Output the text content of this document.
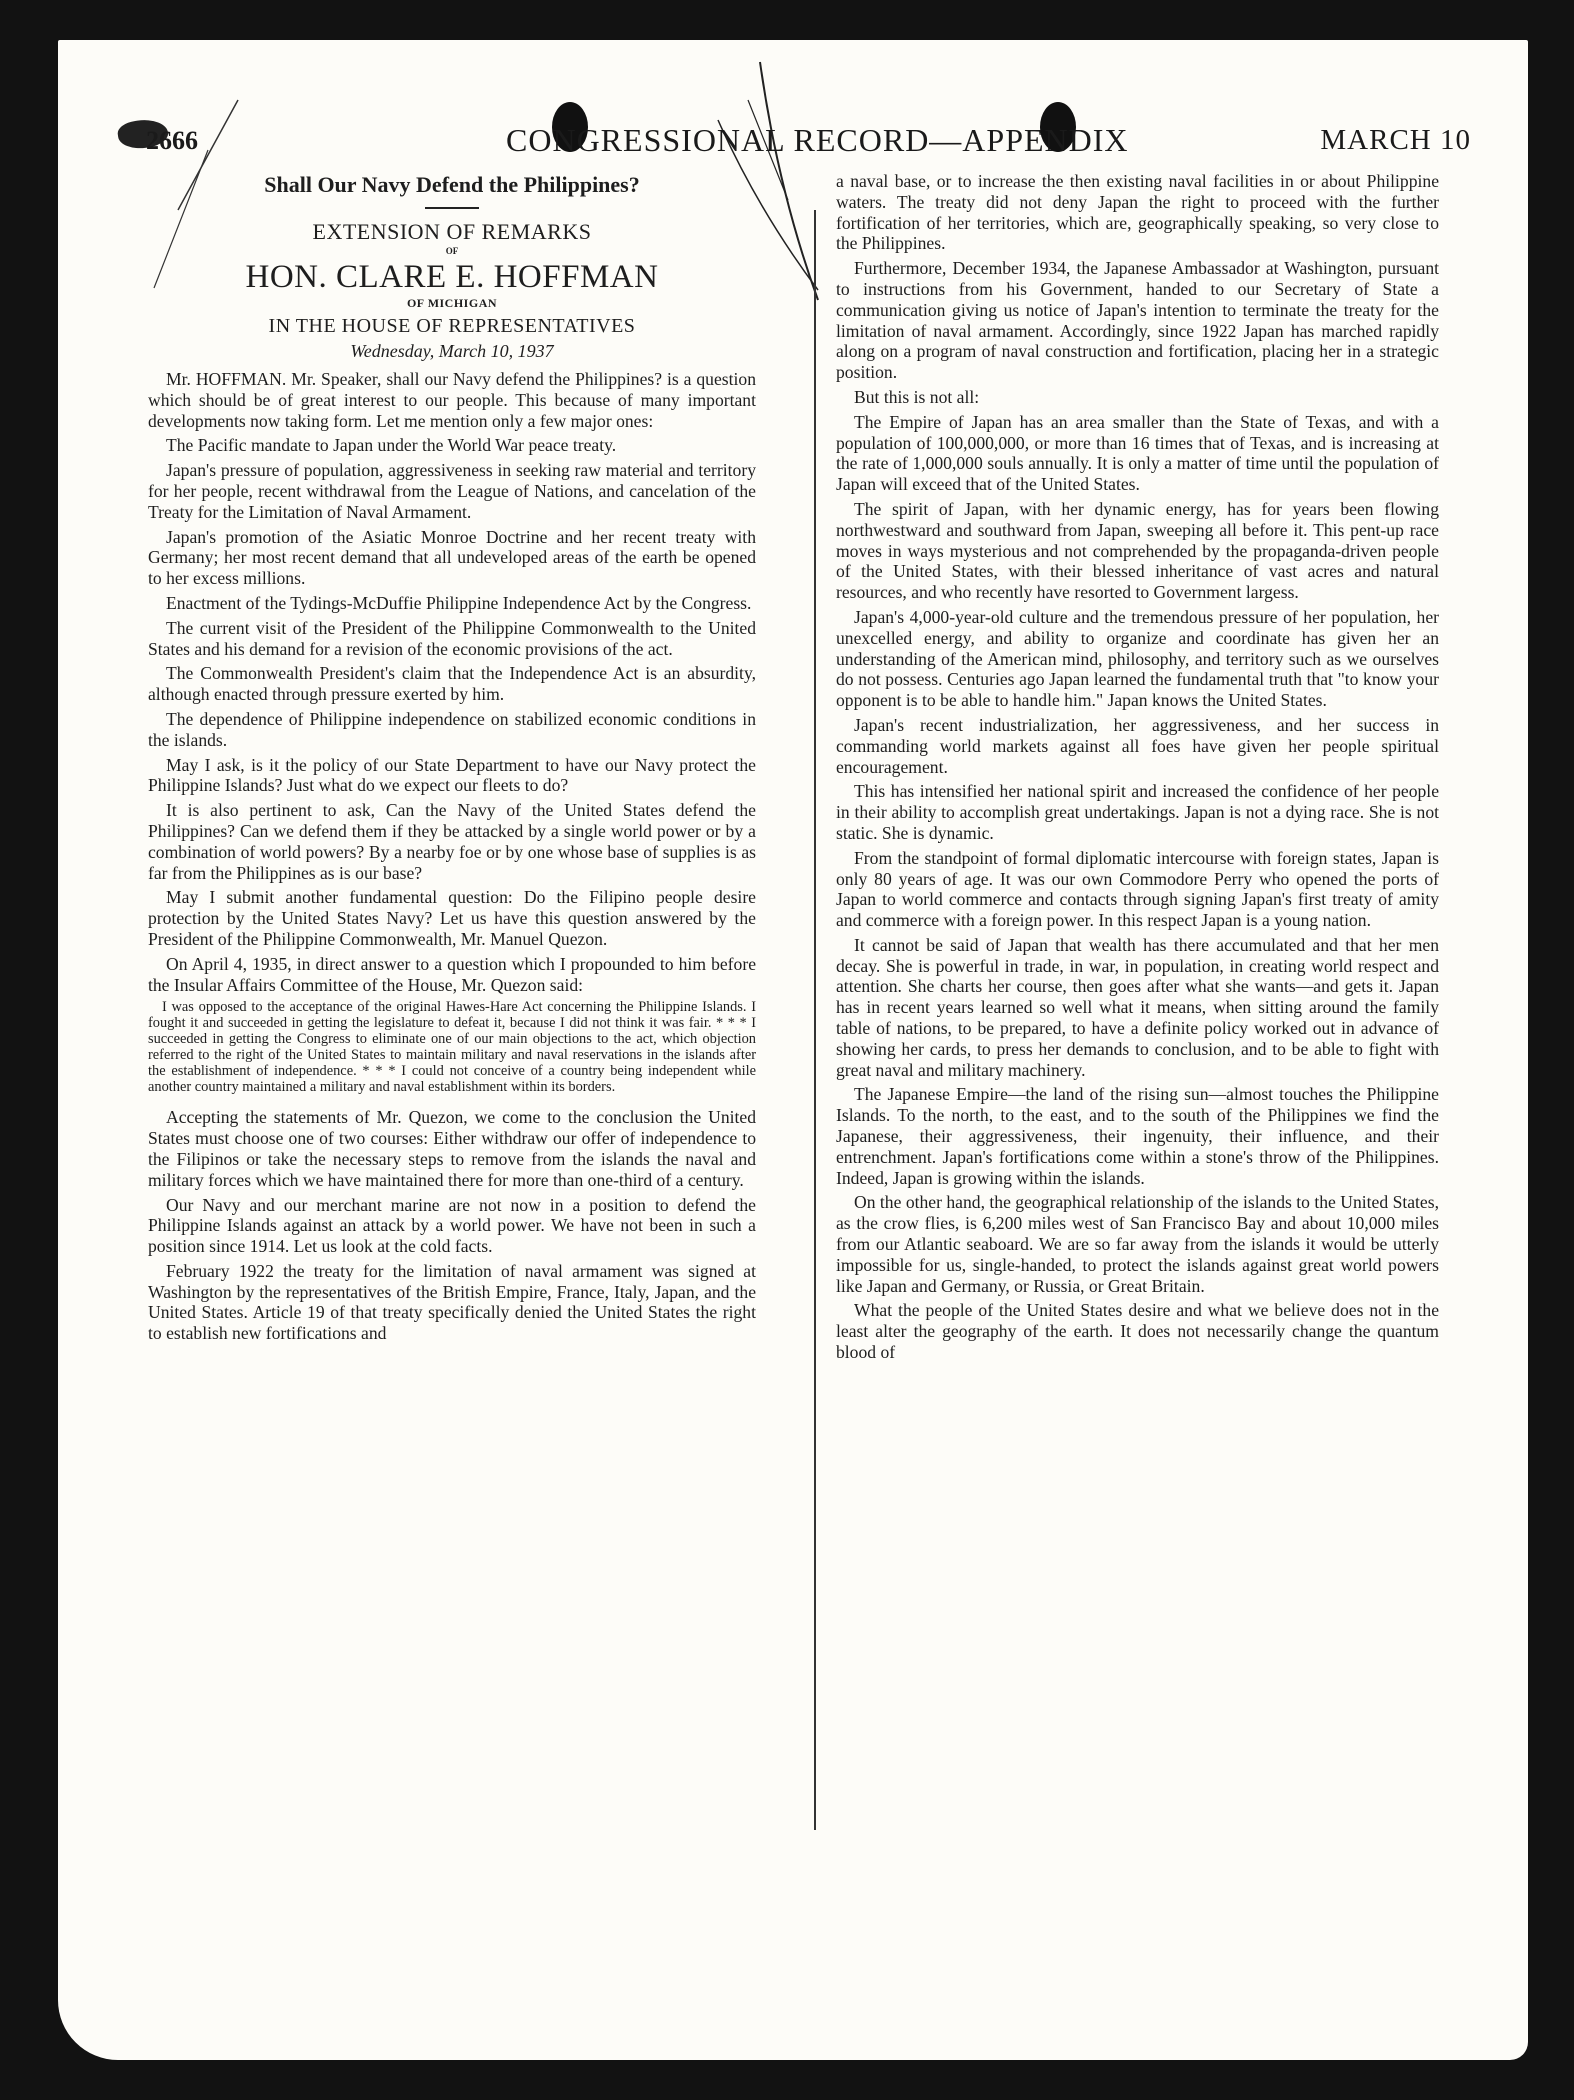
2666	CONGRESSIONAL RECORD—APPENDIX	MARCH 10
Shall Our Navy Defend the Philippines?
EXTENSION OF REMARKS
OF
HON. CLARE E. HOFFMAN
OF MICHIGAN
IN THE HOUSE OF REPRESENTATIVES
Wednesday, March 10, 1937

Mr. HOFFMAN. Mr. Speaker, shall our Navy defend the Philippines? is a question which should be of great interest to our people. This because of many important developments now taking form. Let me mention only a few major ones:

The Pacific mandate to Japan under the World War peace treaty.

Japan's pressure of population, aggressiveness in seeking raw material and territory for her people, recent withdrawal from the League of Nations, and cancelation of the Treaty for the Limitation of Naval Armament.

Japan's promotion of the Asiatic Monroe Doctrine and her recent treaty with Germany; her most recent demand that all undeveloped areas of the earth be opened to her excess millions.

Enactment of the Tydings-McDuffie Philippine Independence Act by the Congress.

The current visit of the President of the Philippine Commonwealth to the United States and his demand for a revision of the economic provisions of the act.

The Commonwealth President's claim that the Independence Act is an absurdity, although enacted through pressure exerted by him.

The dependence of Philippine independence on stabilized economic conditions in the islands.

May I ask, is it the policy of our State Department to have our Navy protect the Philippine Islands? Just what do we expect our fleets to do?

It is also pertinent to ask, Can the Navy of the United States defend the Philippines? Can we defend them if they be attacked by a single world power or by a combination of world powers? By a nearby foe or by one whose base of supplies is as far from the Philippines as is our base?

May I submit another fundamental question: Do the Filipino people desire protection by the United States Navy? Let us have this question answered by the President of the Philippine Commonwealth, Mr. Manuel Quezon.

On April 4, 1935, in direct answer to a question which I propounded to him before the Insular Affairs Committee of the House, Mr. Quezon said:

I was opposed to the acceptance of the original Hawes-Hare Act concerning the Philippine Islands. I fought it and succeeded in getting the legislature to defeat it, because I did not think it was fair. * * * I succeeded in getting the Congress to eliminate one of our main objections to the act, which objection referred to the right of the United States to maintain military and naval reservations in the islands after the establishment of independence. * * * I could not conceive of a country being independent while another country maintained a military and naval establishment within its borders.

Accepting the statements of Mr. Quezon, we come to the conclusion the United States must choose one of two courses: Either withdraw our offer of independence to the Filipinos or take the necessary steps to remove from the islands the naval and military forces which we have maintained there for more than one-third of a century.

Our Navy and our merchant marine are not now in a position to defend the Philippine Islands against an attack by a world power. We have not been in such a position since 1914. Let us look at the cold facts.

February 1922 the treaty for the limitation of naval armament was signed at Washington by the representatives of the British Empire, France, Italy, Japan, and the United States. Article 19 of that treaty specifically denied the United States the right to establish new fortifications and

a naval base, or to increase the then existing naval facilities in or about Philippine waters. The treaty did not deny Japan the right to proceed with the further fortification of her territories, which are, geographically speaking, so very close to the Philippines.

Furthermore, December 1934, the Japanese Ambassador at Washington, pursuant to instructions from his Government, handed to our Secretary of State a communication giving us notice of Japan's intention to terminate the treaty for the limitation of naval armament. Accordingly, since 1922 Japan has marched rapidly along on a program of naval construction and fortification, placing her in a strategic position.

But this is not all:

The Empire of Japan has an area smaller than the State of Texas, and with a population of 100,000,000, or more than 16 times that of Texas, and is increasing at the rate of 1,000,000 souls annually. It is only a matter of time until the population of Japan will exceed that of the United States.

The spirit of Japan, with her dynamic energy, has for years been flowing northwestward and southward from Japan, sweeping all before it. This pent-up race moves in ways mysterious and not comprehended by the propaganda-driven people of the United States, with their blessed inheritance of vast acres and natural resources, and who recently have resorted to Government largess.

Japan's 4,000-year-old culture and the tremendous pressure of her population, her unexcelled energy, and ability to organize and coordinate has given her an understanding of the American mind, philosophy, and territory such as we ourselves do not possess. Centuries ago Japan learned the fundamental truth that "to know your opponent is to be able to handle him." Japan knows the United States.

Japan's recent industrialization, her aggressiveness, and her success in commanding world markets against all foes have given her people spiritual encouragement.

This has intensified her national spirit and increased the confidence of her people in their ability to accomplish great undertakings. Japan is not a dying race. She is not static. She is dynamic.

From the standpoint of formal diplomatic intercourse with foreign states, Japan is only 80 years of age. It was our own Commodore Perry who opened the ports of Japan to world commerce and contacts through signing Japan's first treaty of amity and commerce with a foreign power. In this respect Japan is a young nation.

It cannot be said of Japan that wealth has there accumulated and that her men decay. She is powerful in trade, in war, in population, in creating world respect and attention. She charts her course, then goes after what she wants—and gets it. Japan has in recent years learned so well what it means, when sitting around the family table of nations, to be prepared, to have a definite policy worked out in advance of showing her cards, to press her demands to conclusion, and to be able to fight with great naval and military machinery.

The Japanese Empire—the land of the rising sun—almost touches the Philippine Islands. To the north, to the east, and to the south of the Philippines we find the Japanese, their aggressiveness, their ingenuity, their influence, and their entrenchment. Japan's fortifications come within a stone's throw of the Philippines. Indeed, Japan is growing within the islands.

On the other hand, the geographical relationship of the islands to the United States, as the crow flies, is 6,200 miles west of San Francisco Bay and about 10,000 miles from our Atlantic seaboard. We are so far away from the islands it would be utterly impossible for us, single-handed, to protect the islands against great world powers like Japan and Germany, or Russia, or Great Britain.

What the people of the United States desire and what we believe does not in the least alter the geography of the earth. It does not necessarily change the quantum blood of
